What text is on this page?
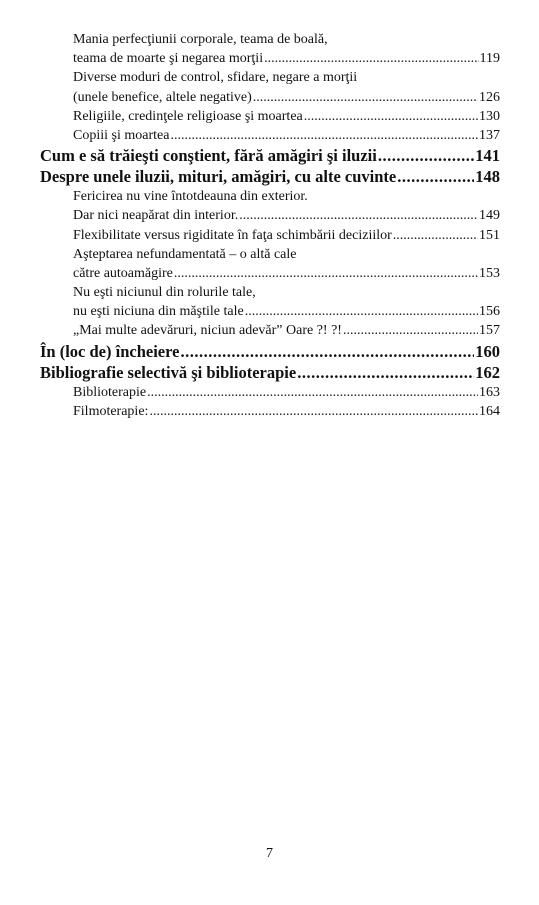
Mania perfecţiunii corporale, teama de boală,
teama de moarte şi negarea morţii .....	119
Diverse moduri de control, sfidare, negare a morţii
(unele benefice, altele negative) .....	126
Religiile, credinţele religioase şi moartea .....	130
Copiii şi moartea .....	137
Cum e să trăieşti conştient, fără amăgiri şi iluzii .....	141
Despre unele iluzii, mituri, amăgiri, cu alte cuvinte .....	148
Fericirea nu vine întotdeauna din exterior.
Dar nici neapărat din interior. .....	149
Flexibilitate versus rigiditate în faţa schimbării deciziilor .....	151
Aşteptarea nefundamentată – o altă cale
către autoamăgire .....	153
Nu eşti niciunul din rolurile tale,
nu eşti niciuna din măştile tale .....	156
„Mai multe adevăruri, niciun adevăr” Oare ?! ?! .....	157
În (loc de) încheiere .....	160
Bibliografie selectivă şi biblioterapie .....	162
Biblioterapie .....	163
Filmoterapie: .....	164
7
